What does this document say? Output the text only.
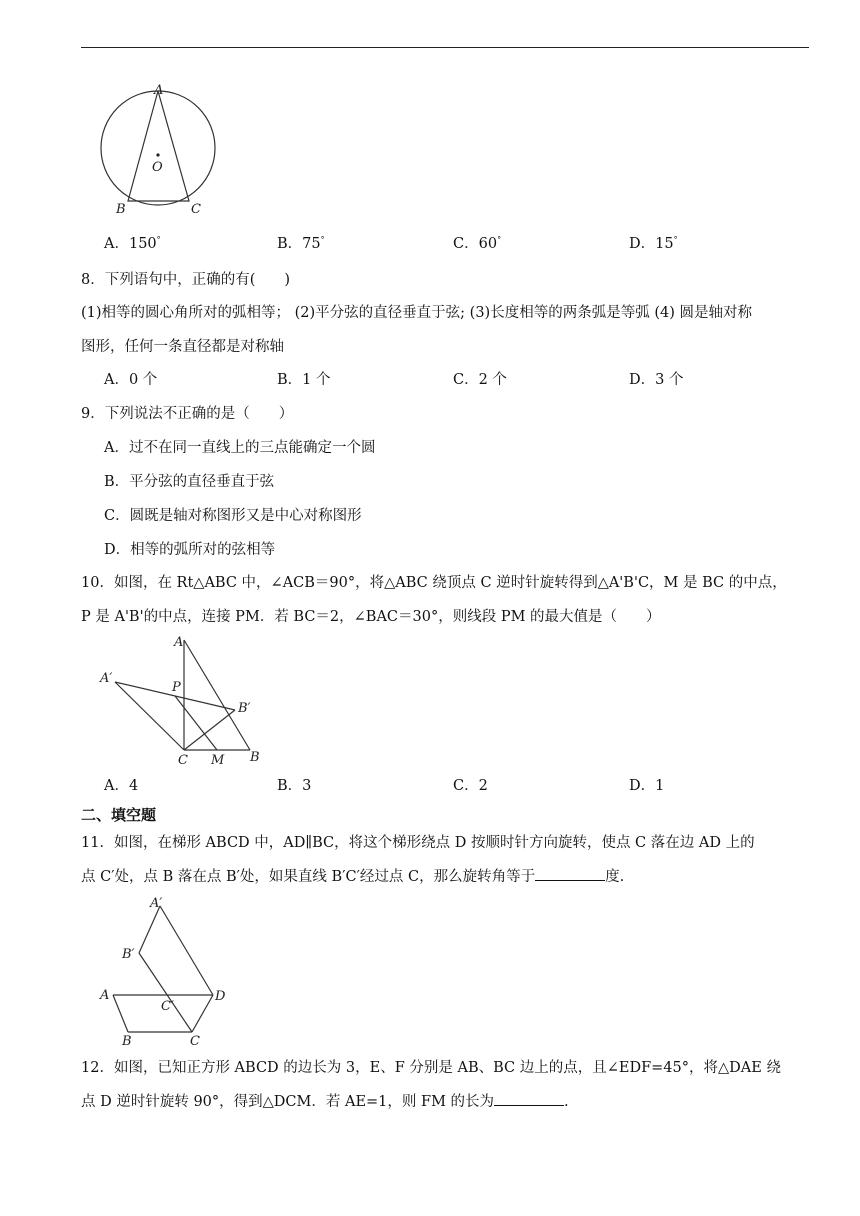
A
O
B	C
A．150°	B．75°	C．60°	D．15°
8．下列语句中，正确的有(　　)
(1)相等的圆心角所对的弧相等； (2)平分弦的直径垂直于弦; (3)长度相等的两条弧是等弧 (4) 圆是轴对称
图形，任何一条直径都是对称轴
A．0 个	B．1 个	C．2 个	D．3 个
9．下列说法不正确的是（　　）
A．过不在同一直线上的三点能确定一个圆
B．平分弦的直径垂直于弦
C．圆既是轴对称图形又是中心对称图形
D．相等的弧所对的弦相等
10．如图，在 Rt△ABC 中，∠ACB＝90°，将△ABC 绕顶点 C 逆时针旋转得到△A'B'C，M 是 BC 的中点，
P 是 A'B'的中点，连接 PM．若 BC＝2，∠BAC＝30°，则线段 PM 的最大值是（　　）
A
A′
P
B′
C M B
A．4	B．3	C．2	D．1
二、填空题
11．如图，在梯形 ABCD 中，AD∥BC，将这个梯形绕点 D 按顺时针方向旋转，使点 C 落在边 AD 上的
点 C′处，点 B 落在点 B′处，如果直线 B′C′经过点 C，那么旋转角等于	度.
A′
B′
A
C′
D
B	C
12．如图，已知正方形 ABCD 的边长为 3，E、F 分别是 AB、BC 边上的点，且∠EDF=45°，将△DAE 绕
点 D 逆时针旋转 90°，得到△DCM．若 AE=1，则 FM 的长为	.
